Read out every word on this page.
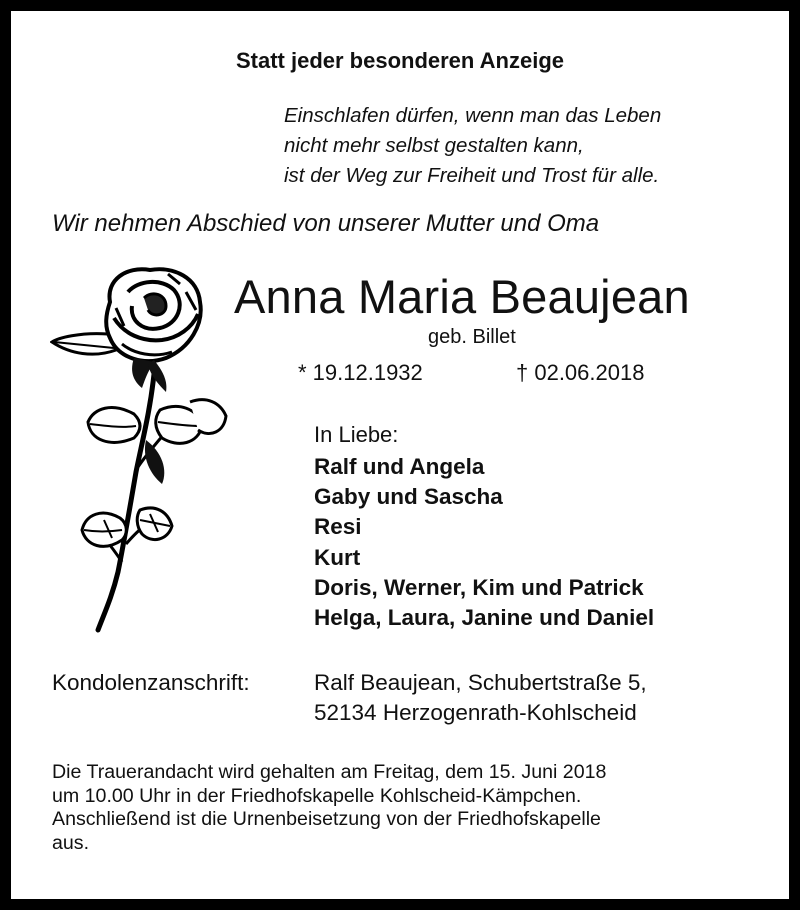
Statt jeder besonderen Anzeige
Einschlafen dürfen, wenn man das Leben
nicht mehr selbst gestalten kann,
ist der Weg zur Freiheit und Trost für alle.
Wir nehmen Abschied von unserer Mutter und Oma
Anna Maria Beaujean
geb. Billet
* 19.12.1932	† 02.06.2018
In Liebe:
Ralf und Angela
Gaby und Sascha
Resi
Kurt
Doris, Werner, Kim und Patrick
Helga, Laura, Janine und Daniel
Kondolenzanschrift:	Ralf Beaujean, Schubertstraße 5,
52134 Herzogenrath-Kohlscheid
Die Trauerandacht wird gehalten am Freitag, dem 15. Juni 2018
um 10.00 Uhr in der Friedhofskapelle Kohlscheid-Kämpchen.
Anschließend ist die Urnenbeisetzung von der Friedhofskapelle
aus.
